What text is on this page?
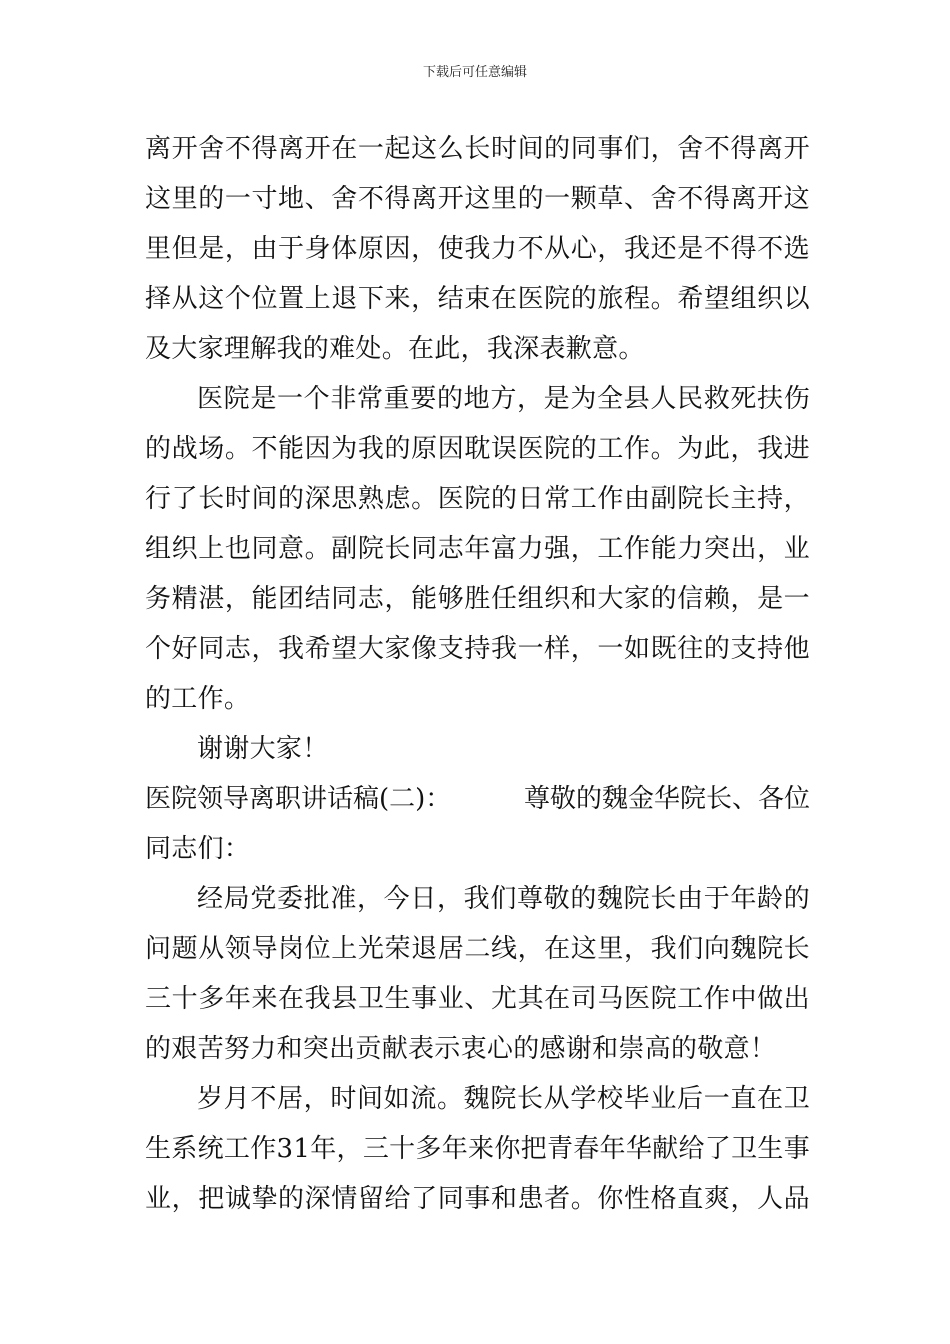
下载后可任意编辑
离开舍不得离开在一起这么长时间的同事们，舍不得离开
这里的一寸地、舍不得离开这里的一颗草、舍不得离开这
里但是，由于身体原因，使我力不从心，我还是不得不选
择从这个位置上退下来，结束在医院的旅程。希望组织以
及大家理解我的难处。在此，我深表歉意。
医院是一个非常重要的地方，是为全县人民救死扶伤
的战场。不能因为我的原因耽误医院的工作。为此，我进
行了长时间的深思熟虑。医院的日常工作由副院长主持，
组织上也同意。副院长同志年富力强，工作能力突出，业
务精湛，能团结同志，能够胜任组织和大家的信赖，是一
个好同志，我希望大家像支持我一样，一如既往的支持他
的工作。
谢谢大家！
医院领导离职讲话稿(二)：	尊敬的魏金华院长、各位
同志们：
经局党委批准，今日，我们尊敬的魏院长由于年龄的
问题从领导岗位上光荣退居二线，在这里，我们向魏院长
三十多年来在我县卫生事业、尤其在司马医院工作中做出
的艰苦努力和突出贡献表示衷心的感谢和崇高的敬意！
岁月不居，时间如流。魏院长从学校毕业后一直在卫
生系统工作31年，三十多年来你把青春年华献给了卫生事
业，把诚挚的深情留给了同事和患者。你性格直爽，人品
